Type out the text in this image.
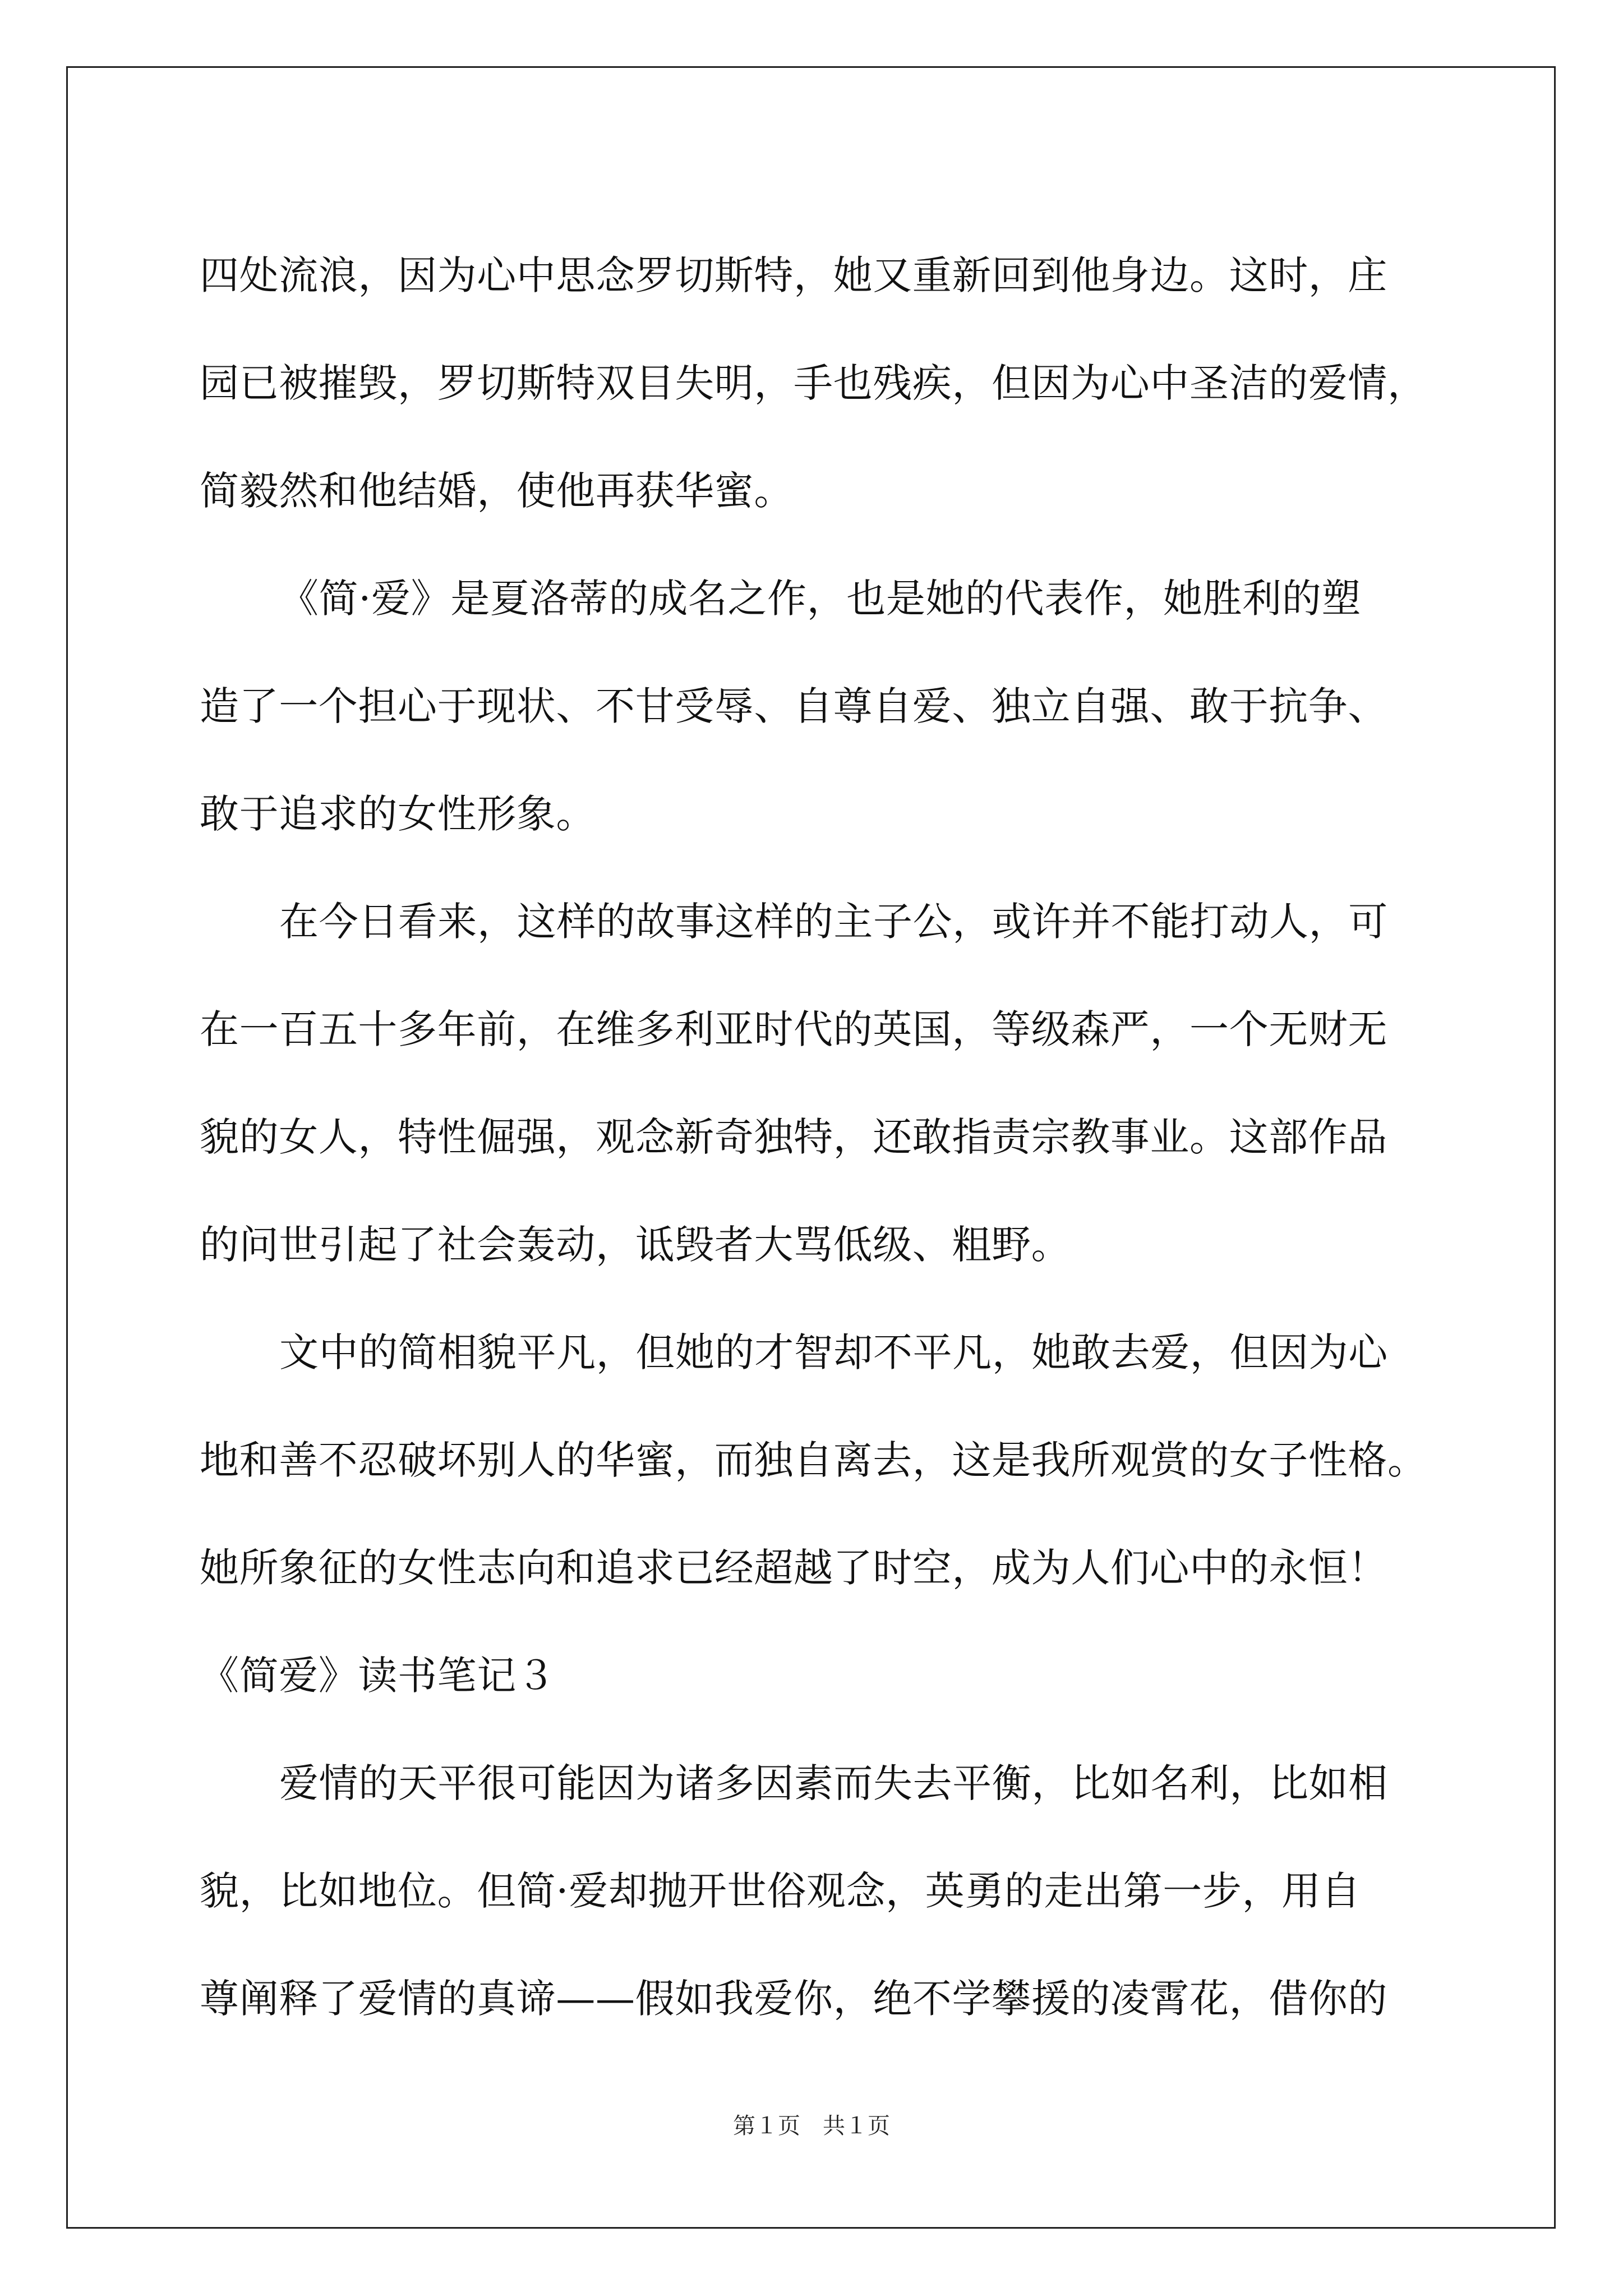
四处流浪，因为心中思念罗切斯特，她又重新回到他身边。这时，庄
园已被摧毁，罗切斯特双目失明，手也残疾，但因为心中圣洁的爱情，
简毅然和他结婚，使他再获华蜜。
《简·爱》是夏洛蒂的成名之作，也是她的代表作，她胜利的塑
造了一个担心于现状、不甘受辱、自尊自爱、独立自强、敢于抗争、
敢于追求的女性形象。
在今日看来，这样的故事这样的主子公，或许并不能打动人，可
在一百五十多年前，在维多利亚时代的英国，等级森严，一个无财无
貌的女人，特性倔强，观念新奇独特，还敢指责宗教事业。这部作品
的问世引起了社会轰动，诋毁者大骂低级、粗野。
文中的简相貌平凡，但她的才智却不平凡，她敢去爱，但因为心
地和善不忍破坏别人的华蜜，而独自离去，这是我所观赏的女子性格。
她所象征的女性志向和追求已经超越了时空，成为人们心中的永恒！
《简爱》读书笔记３
爱情的天平很可能因为诸多因素而失去平衡，比如名利，比如相
貌，比如地位。但简·爱却抛开世俗观念，英勇的走出第一步，用自
尊阐释了爱情的真谛——假如我爱你，绝不学攀援的凌霄花，借你的
第１页　共１页
